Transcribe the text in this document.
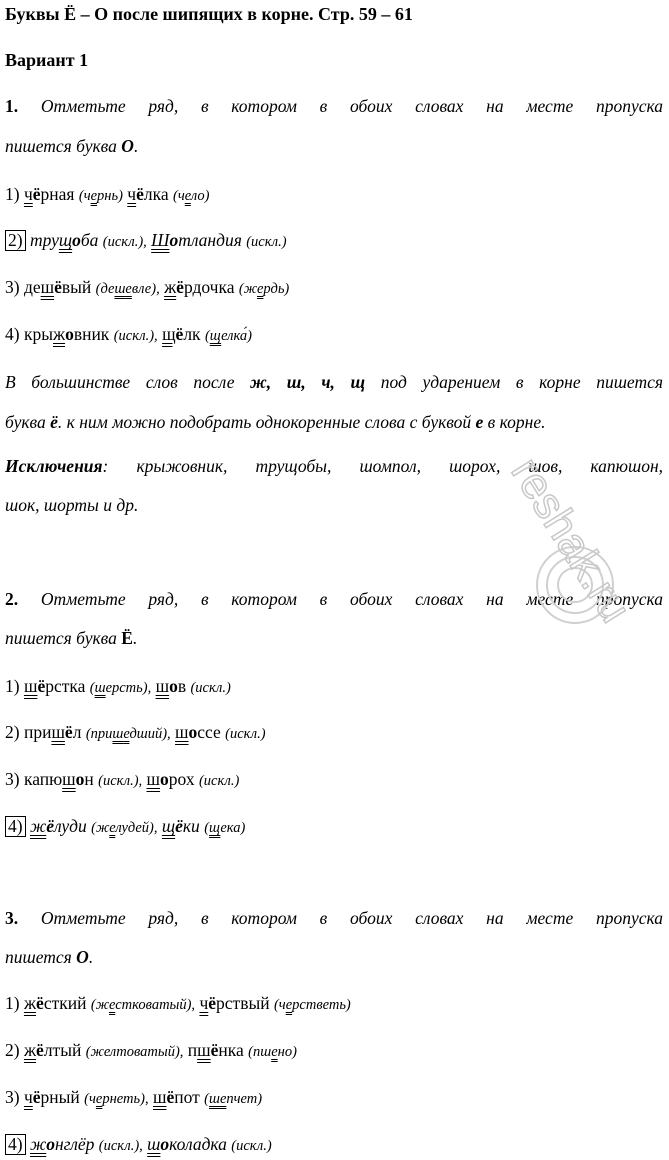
Буквы Ё – О после шипящих в корне. Стр. 59 – 61
Вариант 1
1. Отметьте ряд, в котором в обоих словах на месте пропуска
пишется буква О.
1) чёрная (чернь) чёлка (чело)
2) трущоба (искл.), Шотландия (искл.)
3) дешёвый (дешевле), жёрдочка (жердь)
4) крыжовник (искл.), щёлк (щелка́)
В большинстве слов после ж, ш, ч, щ под ударением в корне пишется
буква ё. к ним можно подобрать однокоренные слова с буквой е в корне.
Исключения: крыжовник, трущобы, шомпол, шорох, шов, капюшон,
шок, шорты и др.
2. Отметьте ряд, в котором в обоих словах на месте пропуска
пишется буква Ё.
1) шёрстка (шерсть), шов (искл.)
2) пришёл (пришедший), шоссе (искл.)
3) капюшон (искл.), шорох (искл.)
4) жёлуди (желудей), щёки (щека)
3. Отметьте ряд, в котором в обоих словах на месте пропуска
пишется О.
1) жёсткий (жестковатый), чёрствый (черстветь)
2) жёлтый (желтоватый), пшёнка (пшено)
3) чёрный (чернеть), шёпот (шепчет)
4) жонглёр (искл.), шоколадка (искл.)
reshak.ru
